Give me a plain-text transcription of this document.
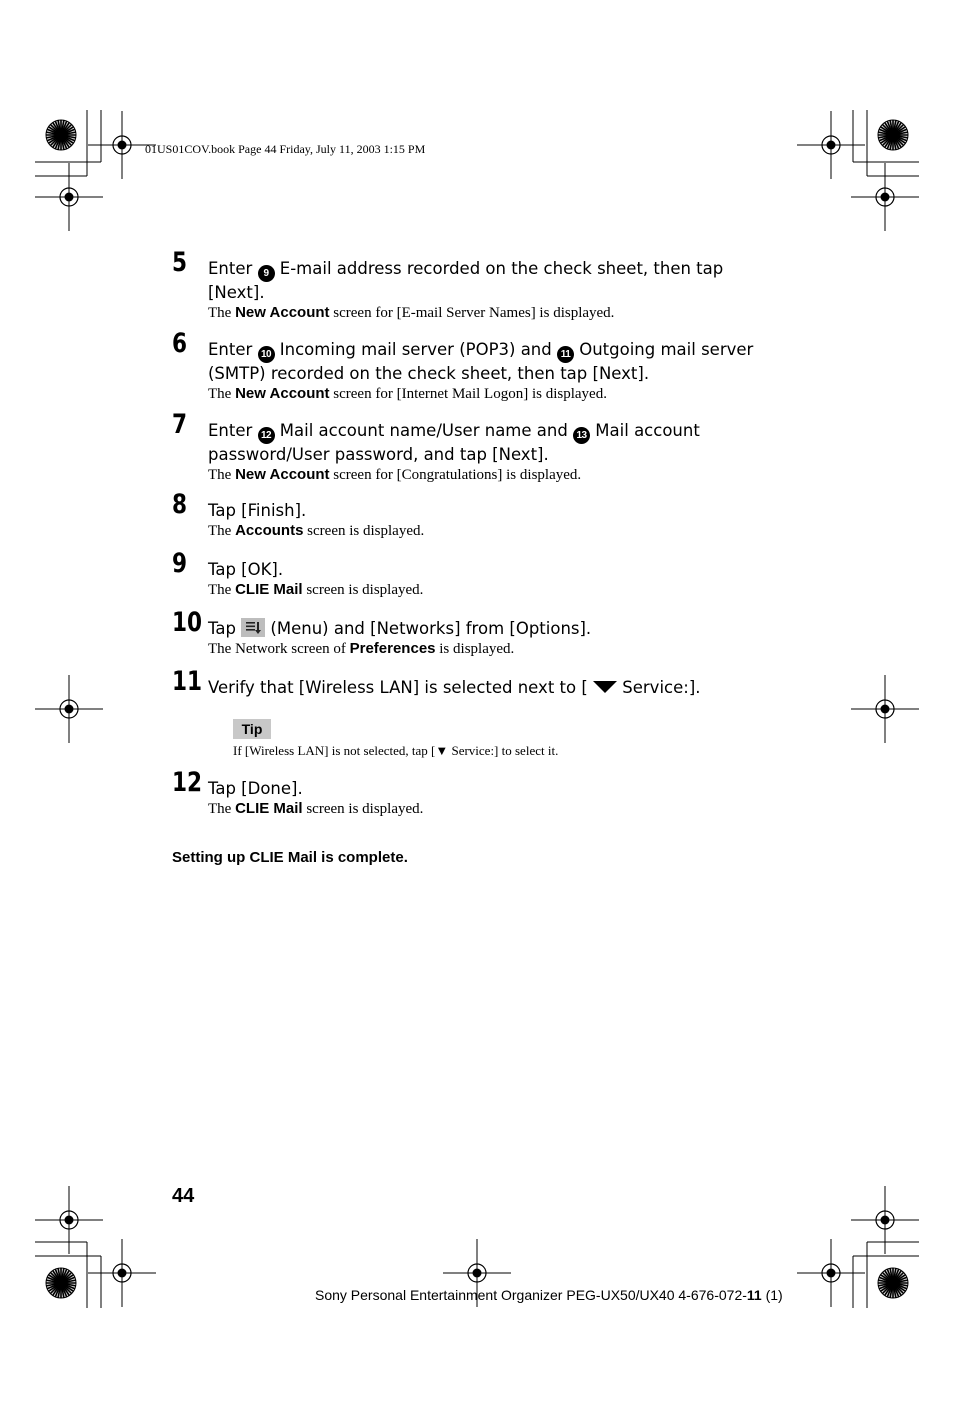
01US01COV.book Page 44 Friday, July 11, 2003 1:15 PM
5 Enter 9 E-mail address recorded on the check sheet, then tap [Next].

The New Account screen for [E-mail Server Names] is displayed.

6 Enter 10 Incoming mail server (POP3) and 11 Outgoing mail server (SMTP) recorded on the check sheet, then tap [Next].

The New Account screen for [Internet Mail Logon] is displayed.

7 Enter 12 Mail account name/User name and 13 Mail account password/User password, and tap [Next].

The New Account screen for [Congratulations] is displayed.

8 Tap [Finish].

The Accounts screen is displayed.

9 Tap [OK].

The CLIE Mail screen is displayed.

10 Tap  (Menu) and [Networks] from [Options].

The Network screen of Preferences is displayed.

11 Verify that [Wireless LAN] is selected next to [  Service:].

Tip
If [Wireless LAN] is not selected, tap [▼ Service:] to select it.
12 Tap [Done].

The CLIE Mail screen is displayed.

Setting up CLIE Mail is complete.
44
Sony Personal Entertainment Organizer PEG-UX50/UX40 4-676-072-11 (1)
